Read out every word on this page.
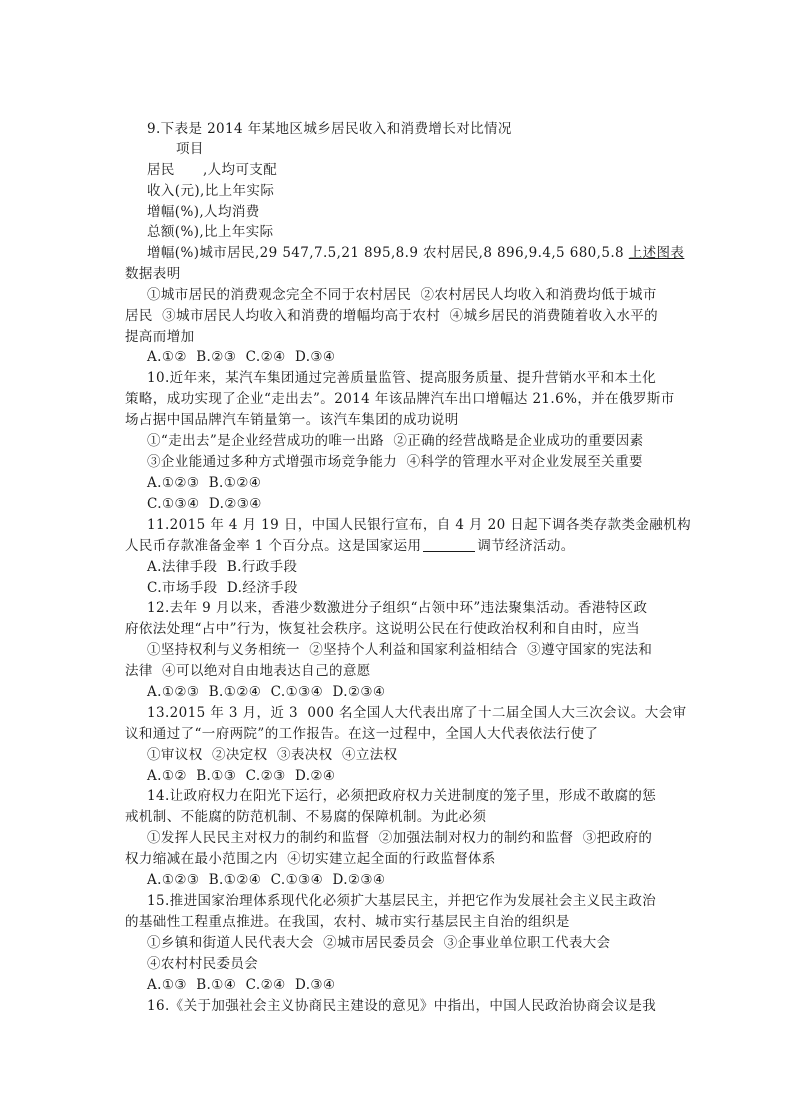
9.下表是 2014 年某地区城乡居民收入和消费增长对比情况
项目
居民      ,人均可支配
收入(元),比上年实际
增幅(%),人均消费
总额(%),比上年实际
增幅(%)城市居民,29 547,7.5,21 895,8.9 农村居民,8 896,9.4,5 680,5.8 上述图表
数据表明
①城市居民的消费观念完全不同于农村居民  ②农村居民人均收入和消费均低于城市
居民  ③城市居民人均收入和消费的增幅均高于农村  ④城乡居民的消费随着收入水平的
提高而增加
A.①②  B.②③  C.②④  D.③④
10.近年来，某汽车集团通过完善质量监管、提高服务质量、提升营销水平和本土化
策略，成功实现了企业“走出去”。2014 年该品牌汽车出口增幅达 21.6%，并在俄罗斯市
场占据中国品牌汽车销量第一。该汽车集团的成功说明
①“走出去”是企业经营成功的唯一出路  ②正确的经营战略是企业成功的重要因素
③企业能通过多种方式增强市场竞争能力  ④科学的管理水平对企业发展至关重要
A.①②③  B.①②④
C.①③④  D.②③④
11.2015 年 4 月 19 日，中国人民银行宣布，自 4 月 20 日起下调各类存款类金融机构
人民币存款准备金率 1 个百分点。这是国家运用	调节经济活动。
A.法律手段  B.行政手段
C.市场手段  D.经济手段
12.去年 9 月以来，香港少数激进分子组织“占领中环”违法聚集活动。香港特区政
府依法处理“占中”行为，恢复社会秩序。这说明公民在行使政治权利和自由时，应当
①坚持权利与义务相统一  ②坚持个人利益和国家利益相结合  ③遵守国家的宪法和
法律  ④可以绝对自由地表达自己的意愿
A.①②③  B.①②④  C.①③④  D.②③④
13.2015 年 3 月，近 3  000 名全国人大代表出席了十二届全国人大三次会议。大会审
议和通过了“一府两院”的工作报告。在这一过程中，全国人大代表依法行使了
①审议权  ②决定权  ③表决权  ④立法权
A.①②  B.①③  C.②③  D.②④
14.让政府权力在阳光下运行，必须把政府权力关进制度的笼子里，形成不敢腐的惩
戒机制、不能腐的防范机制、不易腐的保障机制。为此必须
①发挥人民民主对权力的制约和监督  ②加强法制对权力的制约和监督  ③把政府的
权力缩减在最小范围之内  ④切实建立起全面的行政监督体系
A.①②③  B.①②④  C.①③④  D.②③④
15.推进国家治理体系现代化必须扩大基层民主，并把它作为发展社会主义民主政治
的基础性工程重点推进。在我国，农村、城市实行基层民主自治的组织是
①乡镇和街道人民代表大会  ②城市居民委员会  ③企事业单位职工代表大会
④农村村民委员会
A.①③  B.①④  C.②④  D.③④
16.《关于加强社会主义协商民主建设的意见》中指出，中国人民政治协商会议是我
